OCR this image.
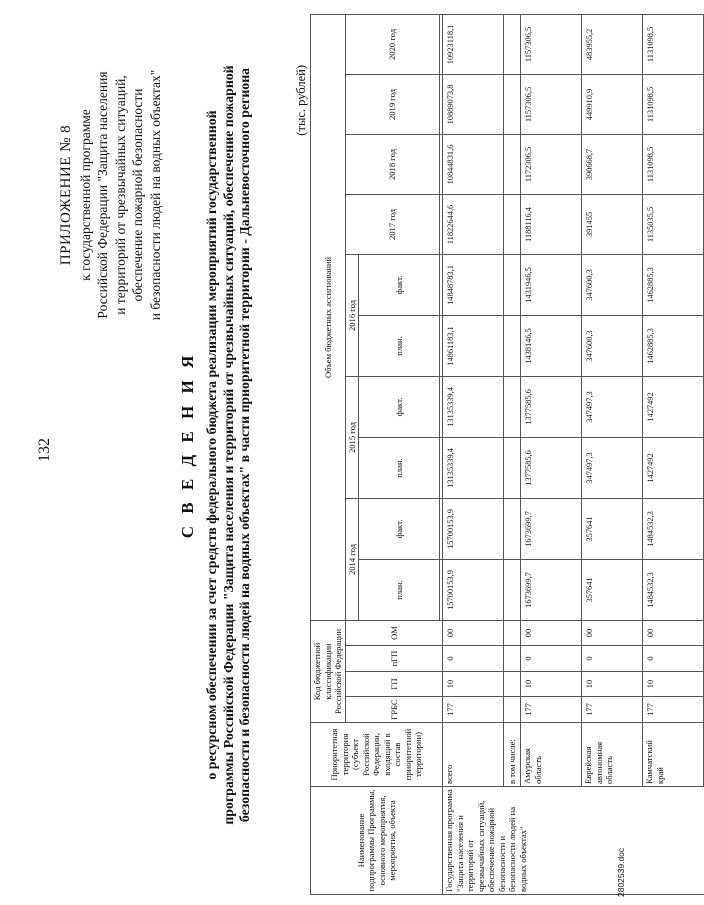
132
ПРИЛОЖЕНИЕ № 8 к государственной программе Российской Федерации "Защита населения и территорий от чрезвычайных ситуаций, обеспечение пожарной безопасности и безопасности людей на водных объектах"
С В Е Д Е Н И Я о ресурсном обеспечении за счет средств федерального бюджета реализации мероприятий государственной программы Российской Федерации "Защита населения и территорий от чрезвычайных ситуаций, обеспечение пожарной безопасности и безопасности людей на водных объектах" в части приоритетной территории - Дальневосточного региона	(тыс. рублей)
Наименование подпрограммы Программы, основного мероприятия, мероприятия, объекта	Приоритетная территория (субъект Российской Федерации, входящий в состав приоритетной территории)	Код бюджетной классификации Российской Федерации				Объем бюджетных ассигнований									
		ГРБС	ГП	пГП	ОМ	2014 год		2015 год		2016 год		2017 год	2018 год	2019 год	2020 год
						план.	факт.	план.	факт.	план.	факт.				

Государственная программа "Защита населения и территорий от чрезвычайных ситуаций, обеспечение пожарной безопасности и безопасности людей на водных объектах"	всего	177	10	0	00	15700153,9	15700153,9	13135339,4	13135339,4	14861183,1	14848783,1	11822644,6	10844831,6	10889073,8	10923118,1
	в том числе:														
	Амурская область	177	10	0	00	1673699,7	1673699,7	1377585,6	1377585,6	1438146,5	1431946,5	1188116,4	1172306,5	1157306,5	1157306,5
	Еврейская автономная область	177	10	0	00	357641	357641	347497,3	347497,3	347600,3	347600,3	391455	390668,7	449910,9	483955,2
	Камчатский край	177	10	0	00	1484532,3	1484532,3	1427492	1427492	1462885,3	1462885,3	1135035,5	1131098,5	1131098,5	1131098,5
2802539.doc
